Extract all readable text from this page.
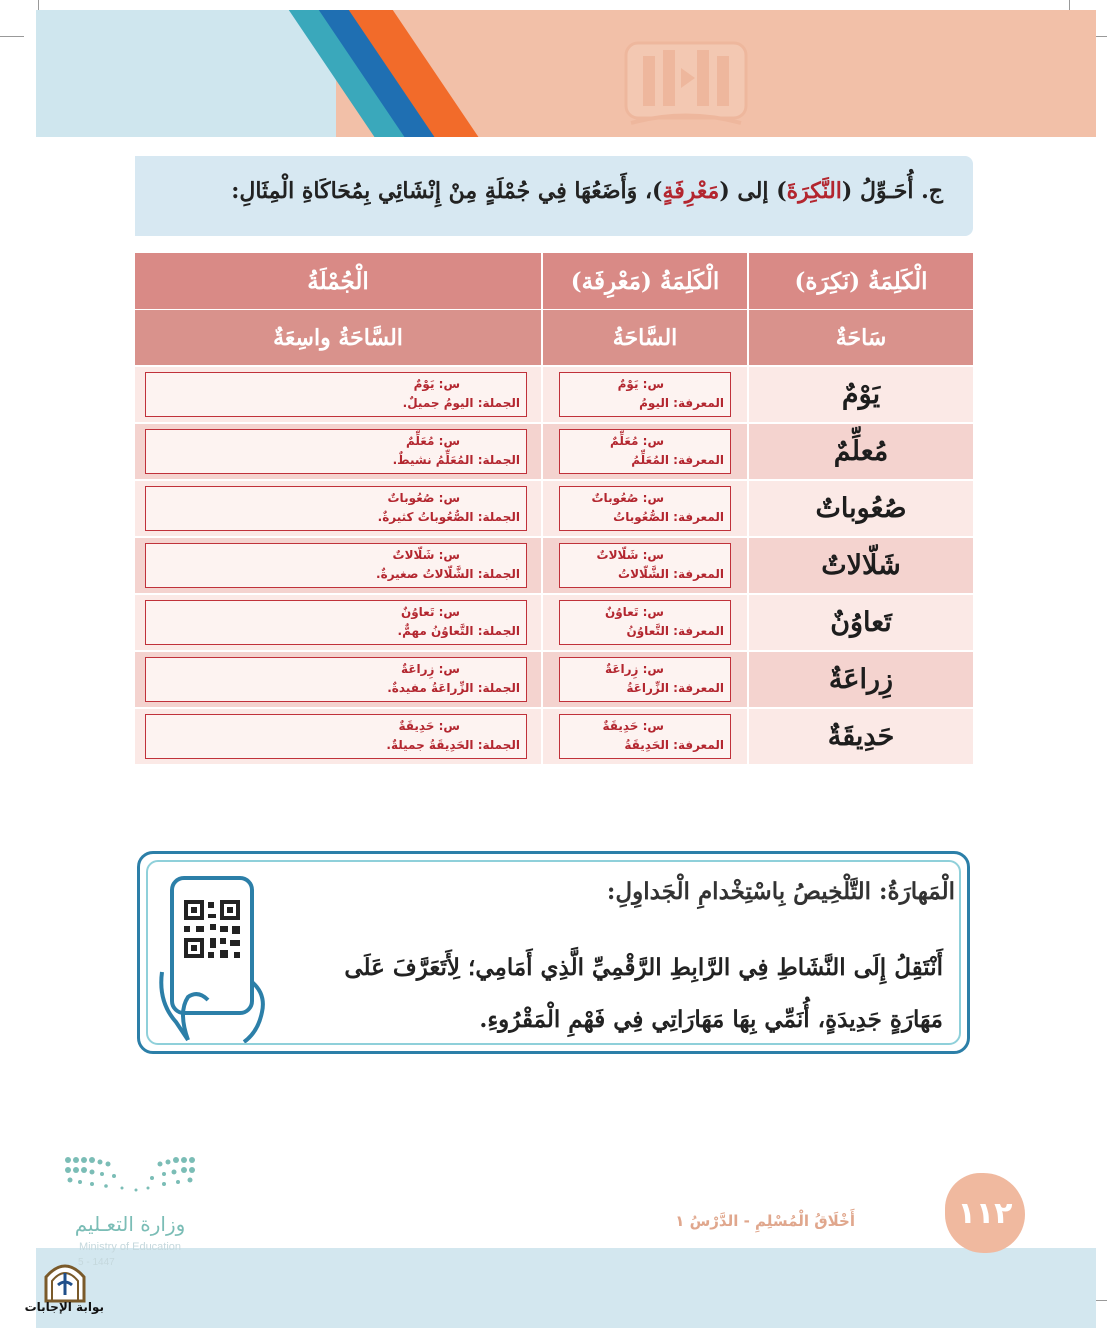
ج. أُحَـوِّلُ (النَّكِرَةَ) إلى (مَعْرِفَةٍ)، وَأَضَعُهَا فِي جُمْلَةٍ مِنْ إِنْشَائِي بِمُحَاكَاةِ الْمِثَالِ:
الْكَلِمَةُ (نَكِرَة)
الْكَلِمَةُ (مَعْرِفَة)
الْجُمْلَةُ
سَاحَةٌ
السَّاحَةُ
السَّاحَةُ واسِعَةٌ
يَوْمٌ
س: يَوْمٌ
المعرفة: اليومُ
س: يَوْمٌ
الجملة: اليومُ جميلٌ.
مُعلِّمٌ
س: مُعَلِّمٌ
المعرفة: المُعَلِّمُ
س: مُعَلِّمٌ
الجملة: المُعَلِّمُ نشيطٌ.
صُعُوباتٌ
س: صُعُوباتٌ
المعرفة: الصُّعُوباتُ
س: صُعُوباتٌ
الجملة: الصُّعُوباتُ كثيرةٌ.
شَلّالاتٌ
س: شَلّالاتٌ
المعرفة: الشَّلّالاتُ
س: شَلّالاتٌ
الجملة: الشَّلّالاتُ صغيرةٌ.
تَعاوُنٌ
س: تَعاوُنٌ
المعرفة: التَّعاوُنُ
س: تَعاوُنٌ
الجملة: التَّعاوُنُ مهمٌّ.
زِراعَةٌ
س: زِراعَةٌ
المعرفة: الزِّراعَةُ
س: زِراعَةٌ
الجملة: الزِّراعَةُ مفيدةٌ.
حَدِيقَةٌ
س: حَدِيقَةٌ
المعرفة: الحَدِيقَةُ
س: حَدِيقَةٌ
الجملة: الحَدِيقَةُ جميلةٌ.
الْمَهارَةُ: التَّلْخِيصُ بِاسْتِخْدامِ الْجَداوِلِ:
أَنْتَقِلُ إِلَى النَّشَاطِ فِي الرَّابِطِ الرَّقْمِيِّ الَّذِي أَمَامِي؛ لِأَتَعَرَّفَ عَلَى
مَهَارَةٍ جَدِيدَةٍ، أُنَمِّي بِهَا مَهَارَاتِي فِي فَهْمِ الْمَقْرُوءِ.
١١٢
أَخْلَاقُ الْمُسْلِمِ - الدَّرْسُ ١
وزارة التعـليم
Ministry of Education
5 - 1447
بوابة الإجابات
